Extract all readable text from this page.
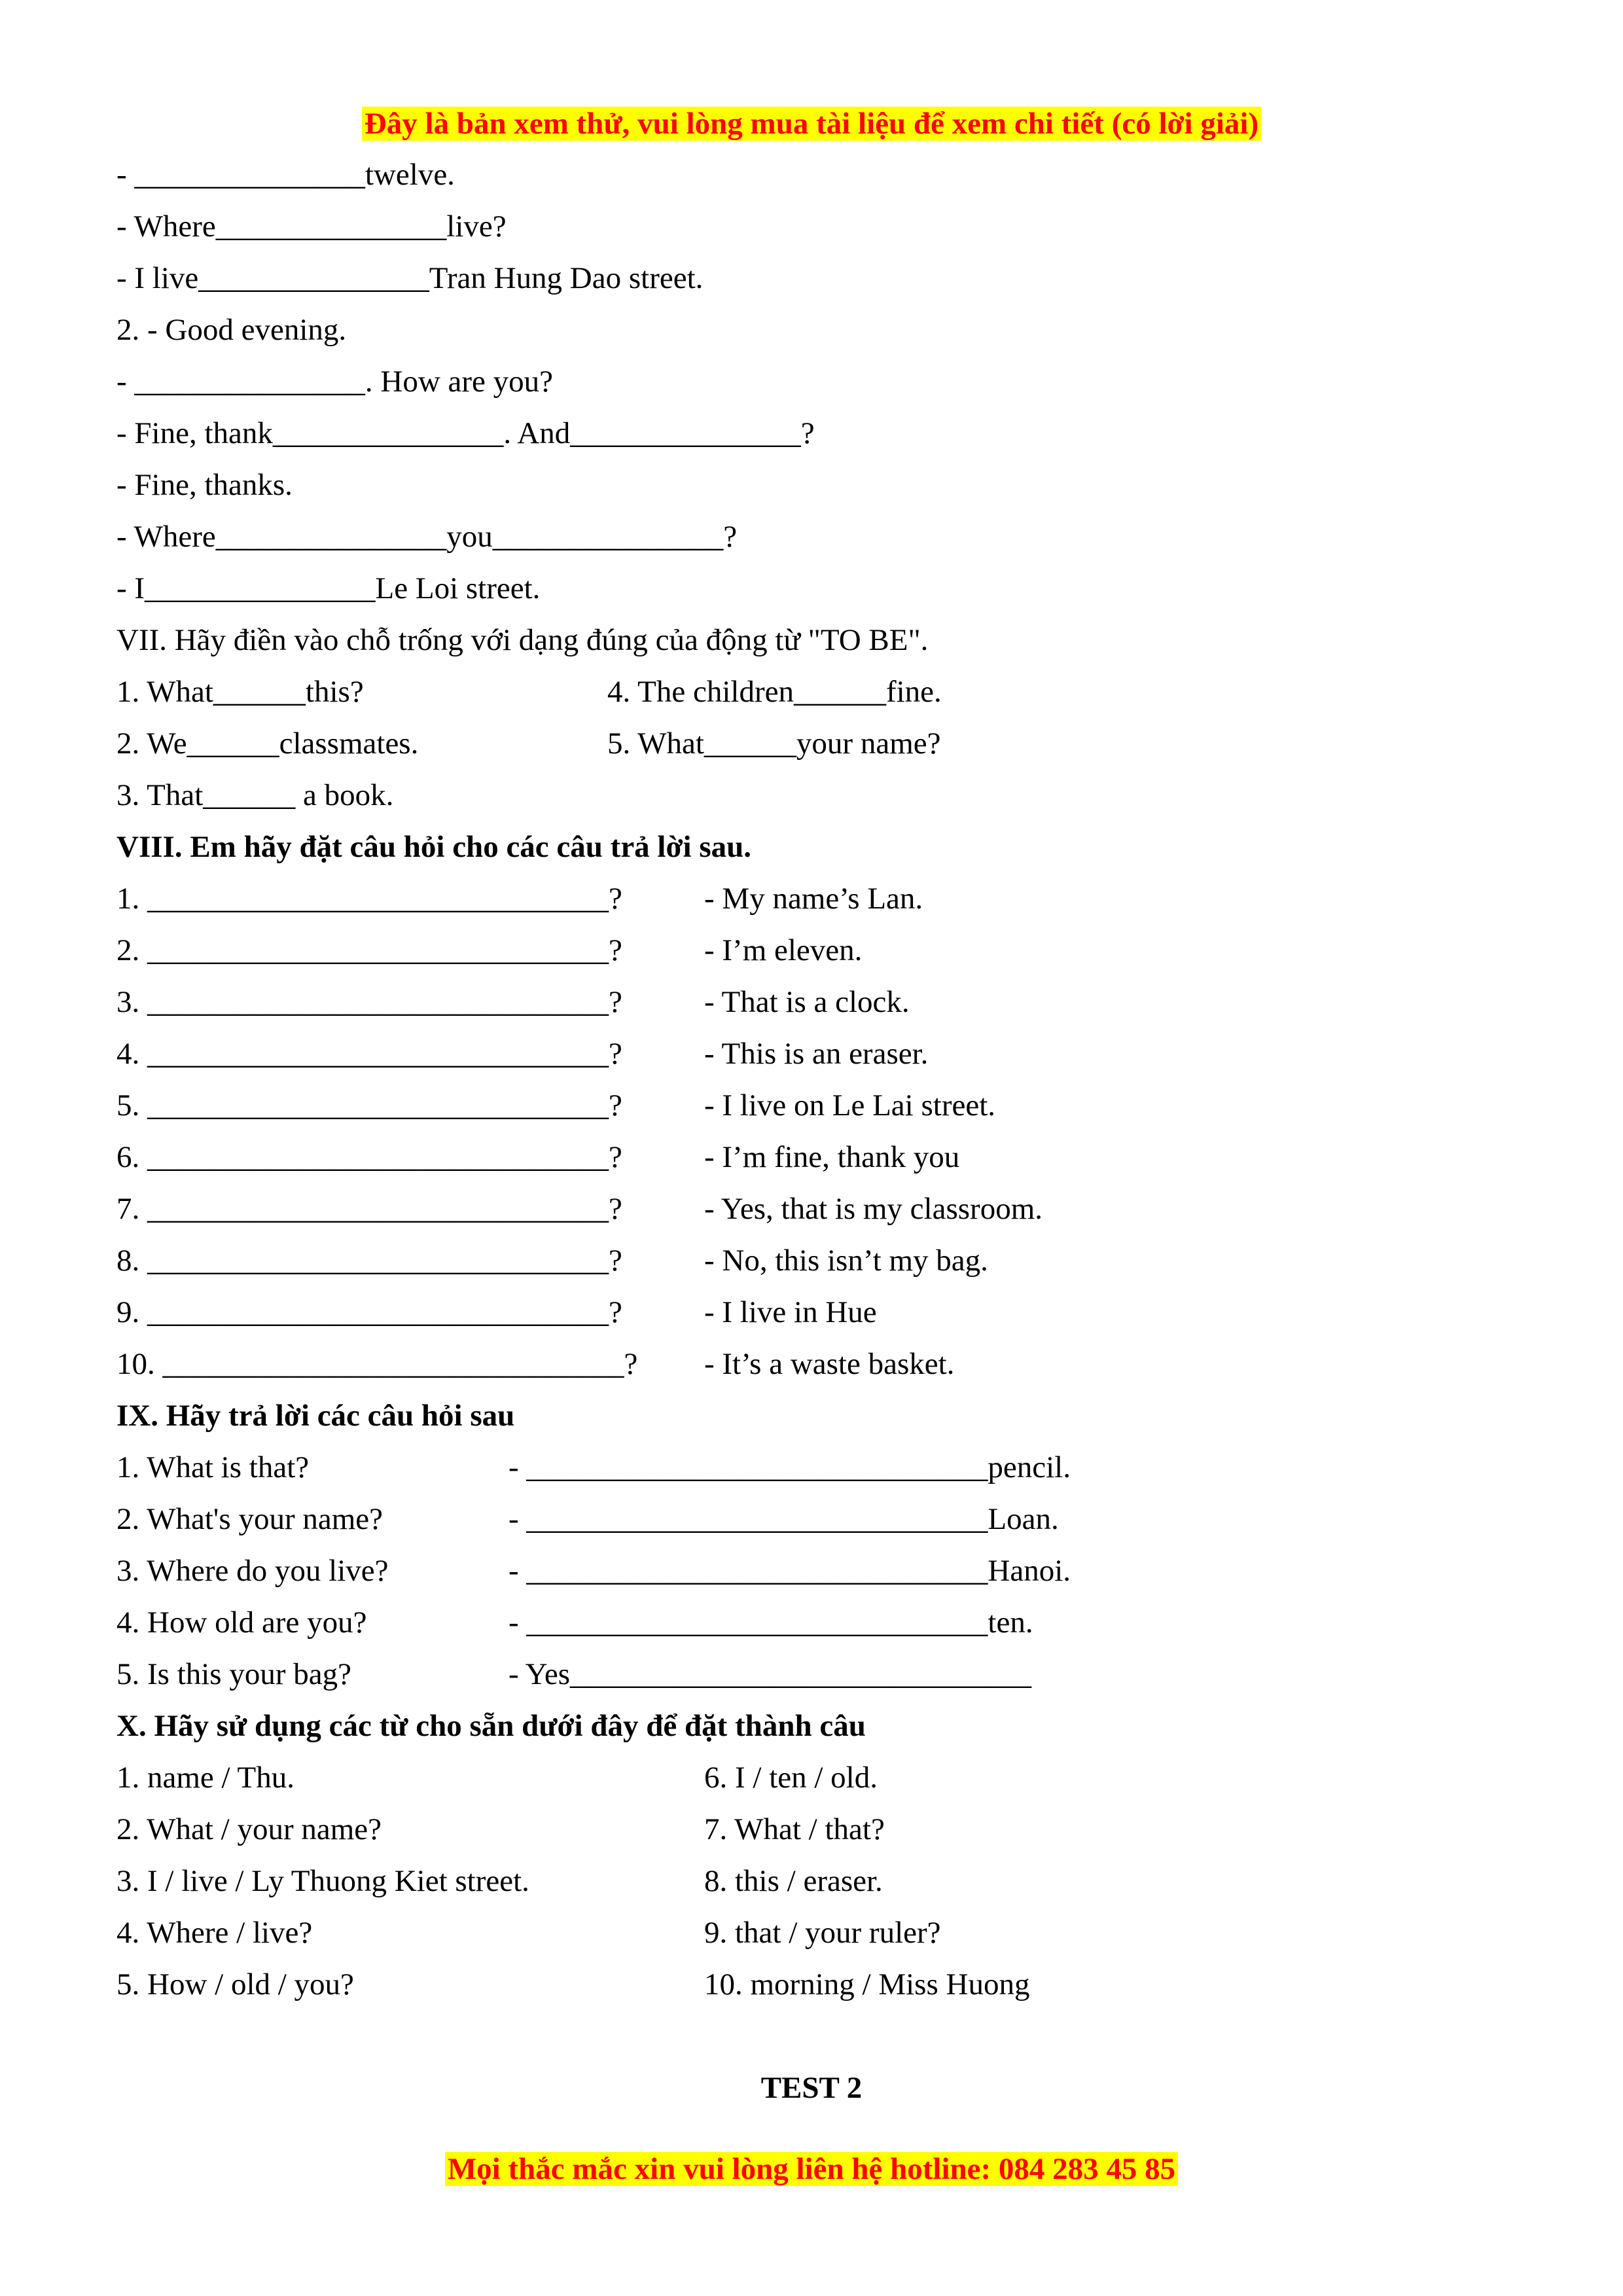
Đây là bản xem thử, vui lòng mua tài liệu để xem chi tiết (có lời giải)
- _______________twelve.
- Where_______________live?
- I live_______________Tran Hung Dao street.
2. - Good evening.
- _______________. How are you?
- Fine, thank_______________. And_______________?
- Fine, thanks.
- Where_______________you_______________?
- I_______________Le Loi street.
VII. Hãy điền vào chỗ trống với dạng đúng của động từ "TO BE".
1. What______this?
2. We______classmates.
3. That______ a book.
4. The children______fine.
5. What______your name?
VIII. Em hãy đặt câu hỏi cho các câu trả lời sau.
1. ______________________________?
2. ______________________________?
3. ______________________________?
4. ______________________________?
5. ______________________________?
6. ______________________________?
7. ______________________________?
8. ______________________________?
9. ______________________________?
10. ______________________________?
- My name’s Lan.
- I’m eleven.
- That is a clock.
- This is an eraser.
- I live on Le Lai street.
- I’m fine, thank you
- Yes, that is my classroom.
- No, this isn’t my bag.
- I live in Hue
- It’s a waste basket.
IX. Hãy trả lời các câu hỏi sau
1. What is that?
2. What's your name?
3. Where do you live?
4. How old are you?
5. Is this your bag?
- ______________________________pencil.
- ______________________________Loan.
- ______________________________Hanoi.
- ______________________________ten.
- Yes______________________________
X. Hãy sử dụng các từ cho sẵn dưới đây để đặt thành câu
1. name / Thu.
2. What / your name?
3. I / live / Ly Thuong Kiet street.
4. Where / live?
5. How / old / you?
6. I / ten / old.
7. What / that?
8. this / eraser.
9. that / your ruler?
10. morning / Miss Huong
TEST 2
Mọi thắc mắc xin vui lòng liên hệ hotline: 084 283 45 85
